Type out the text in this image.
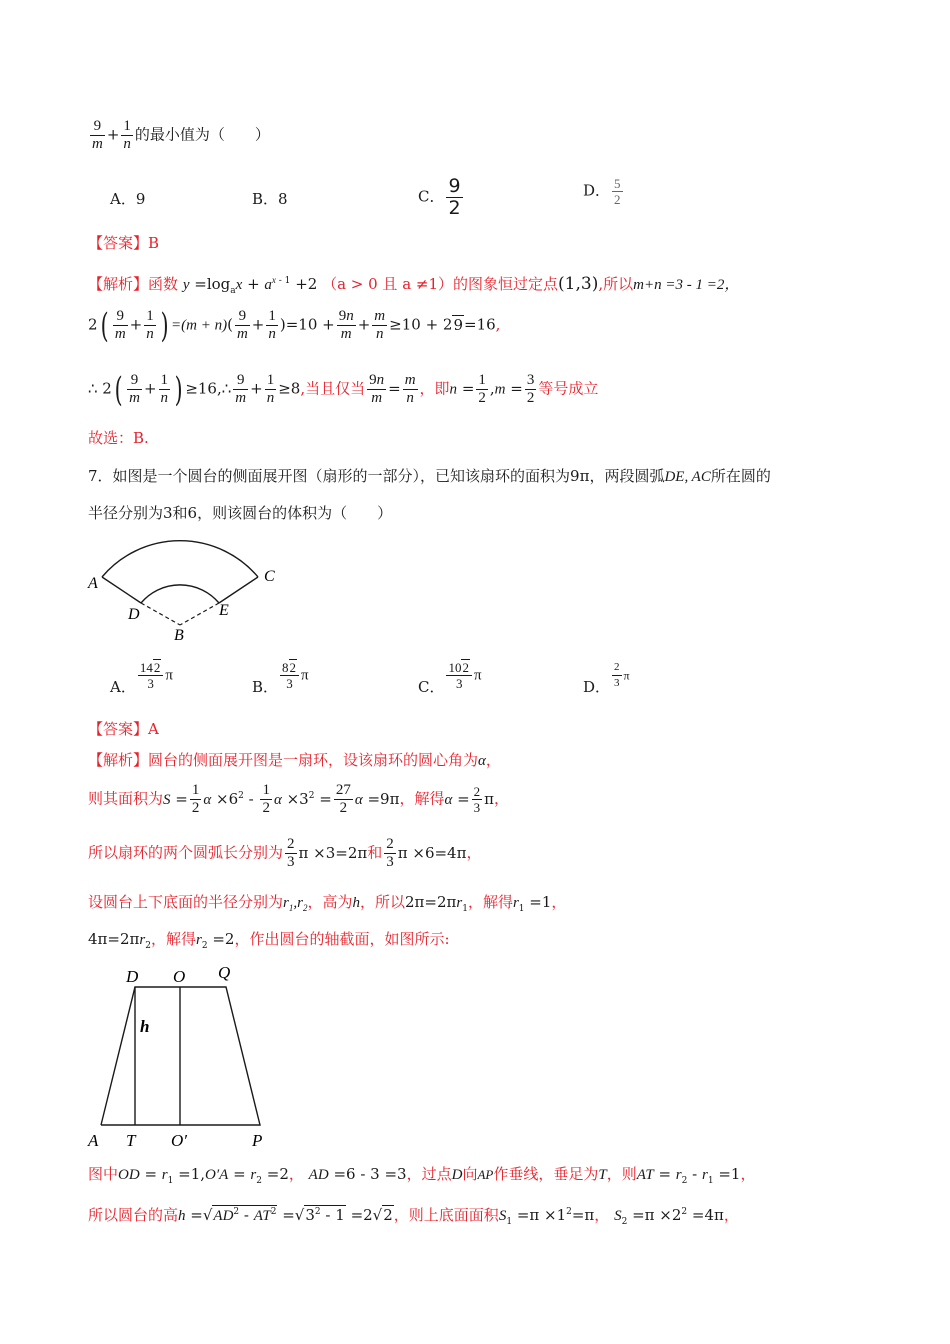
$\frac{9}{m} + \frac{1}{n}$ 的最小值为（　　）
A．9	B．8	C． $\frac{9}{2}$	D． $\frac{5}{2}$
【答案】B
【解析】函数 $y =\log_ax + a^x$ $^{- 1}$ +2 （a > 0 且 a ≠1）的图象恒过定点(1,3),所以m+n =3 - 1 =2，
$2( \frac{9}{m} + \frac{1}{n}$ ) $=(m + n)( \frac{9}{m} + \frac{1}{n} )=10 + \frac{9n}{m} + \frac{m}{n} \ge 10 + 29=16$,
∴ $2( \frac{9}{m} + \frac{1}{n}$ ) ≥16,∴ $\frac{9}{m} + \frac{1}{n} \ge 8$,当且仅当 $\frac{9n}{m} = \frac{m}{n}$ ，即$n = \frac{1}{2} ,m = \frac{3}{2}$ 等号成立
故选：B.
7．如图是一个圆台的侧面展开图（扇形的一部分），已知该扇环的面积为9π，两段圆弧DE, AC所在圆的
半径分别为3和6，则该圆台的体积为（　　）
A	C
D	E
B
A． $\frac{142}{3}$ π
B． $\frac{82}{3}$ π
C． $\frac{102}{3}$ π
D． $\frac{2}{3}$ π
【答案】A
【解析】圆台的侧面展开图是一扇环，设该扇环的圆心角为α，
则其面积为$S = \frac{1}{2}$ $\alpha \times 6^2 - \frac{1}{2}$ $\alpha \times 3^2 = \frac{27}{2}$ α =9π，解得$\alpha = \frac{2}{3}$ π，
所以扇环的两个圆弧长分别为 $\frac{2}{3}$ π ×3=2π和 $\frac{2}{3}$ π ×6=4π，
设圆台上下底面的半径分别为$r_1,r_2$，高为h，所以$2\pi=2\pi r_1$，解得$r_1 =1$，
$4\pi=2\pi r_2$，解得$r_2 =2$，作出圆台的轴截面，如图所示:
D O Q
h
A T O′	P
图中OD = $r_1 =1,O'A = r_2 =2$， AD =6 - 3 =3，过点D向AP作垂线，垂足为T，则AT = $r_2 - r_1 =1$，
所以圆台的高$h =√AD^2 - AT^2 =√3^2 - 1 =2√2$，则上底面面积$S_1 =\pi \times 1^2=\pi$， $S_2 =\pi \times 2^2 =4\pi$，
